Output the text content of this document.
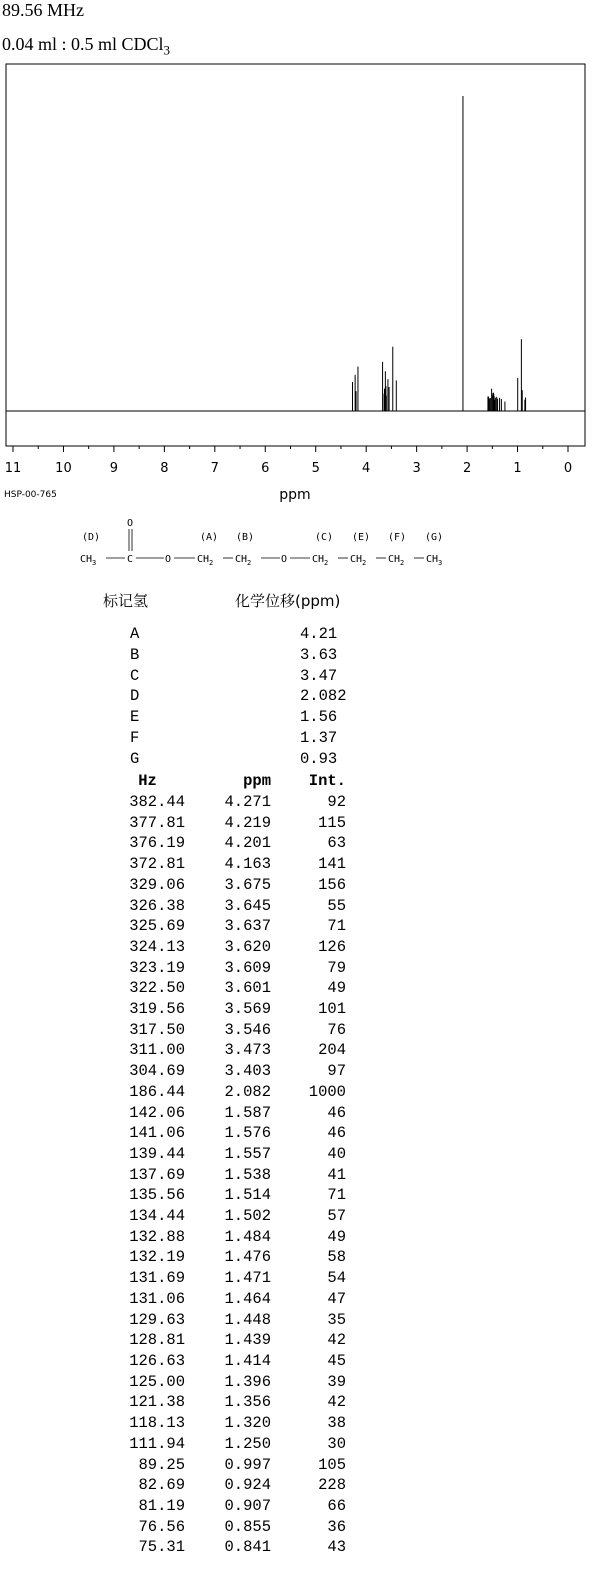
89.56 MHz
0.04 ml : 0.5 ml CDCl$_3$
11	10	9	8	7	6	5	4	3	2	1	0
ppm
HSP-00-765
(D)	(A) (B)	(C) (E) (F) (G)
O
$CH_3$	C	O	$CH_2$ $CH_2$	O $CH_2$ $CH_2$ $CH_2$ $CH_3$
标记氢	化学位移(ppm)
A	4.21
B	3.63
C	3.47
D	2.082
E	1.56
F	1.37
G	0.93
Hz	ppm	Int.
382.44	4.271	92
377.81	4.219	115
376.19	4.201	63
372.81	4.163	141
329.06	3.675	156
326.38	3.645	55
325.69	3.637	71
324.13	3.620	126
323.19	3.609	79
322.50	3.601	49
319.56	3.569	101
317.50	3.546	76
311.00	3.473	204
304.69	3.403	97
186.44	2.082	1000
142.06	1.587	46
141.06	1.576	46
139.44	1.557	40
137.69	1.538	41
135.56	1.514	71
134.44	1.502	57
132.88	1.484	49
132.19	1.476	58
131.69	1.471	54
131.06	1.464	47
129.63	1.448	35
128.81	1.439	42
126.63	1.414	45
125.00	1.396	39
121.38	1.356	42
118.13	1.320	38
111.94	1.250	30
89.25	0.997	105
82.69	0.924	228
81.19	0.907	66
76.56	0.855	36
75.31	0.841	43
